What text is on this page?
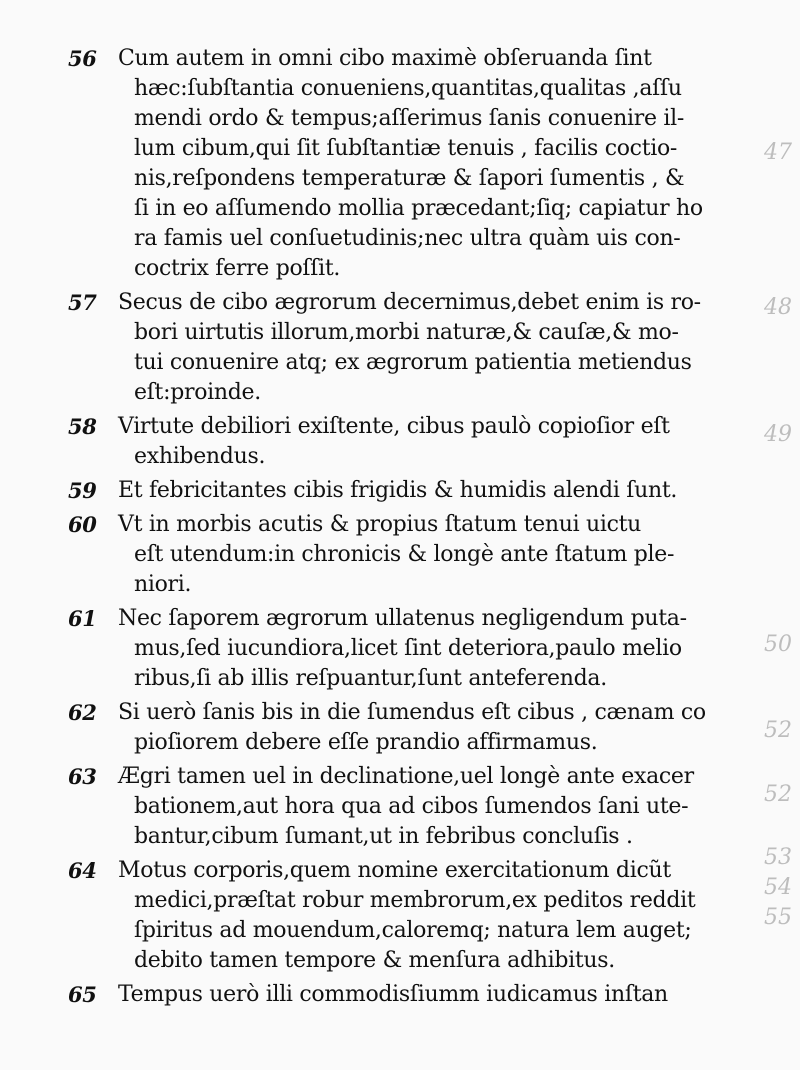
47
48
49
50
52
52
53
54
55
56 Cum autem in omni cibo maximè obſeruanda ſint
hæc:ſubſtantia conueniens,quantitas,qualitas ,aſſu
mendi ordo & tempus;aſſerimus ſanis conuenire il-
lum cibum,qui ſit ſubſtantiæ tenuis , facilis coctio-
nis,reſpondens temperaturæ & ſapori ſumentis , &
ſi in eo aſſumendo mollia præcedant;ſiq; capiatur ho
ra famis uel conſuetudinis;nec ultra quàm uis con-
coctrix ferre poſſit.
57 Secus de cibo ægrorum decernimus,debet enim is ro-
bori uirtutis illorum,morbi naturæ,& cauſæ,& mo-
tui conuenire atq; ex ægrorum patientia metiendus
eſt:proinde.
58 Virtute debiliori exiſtente, cibus paulò copioſior eſt
exhibendus.
59 Et febricitantes cibis frigidis & humidis alendi ſunt.
60 Vt in morbis acutis & propius ſtatum tenui uictu
eſt utendum:in chronicis & longè ante ſtatum ple-
niori.
61 Nec ſaporem ægrorum ullatenus negligendum puta-
mus,ſed iucundiora,licet ſint deteriora,paulo melio
ribus,ſi ab illis reſpuantur,ſunt anteferenda.
62 Si uerò ſanis bis in die ſumendus eſt cibus , cænam co
pioſiorem debere eſſe prandio affirmamus.
63 Ægri tamen uel in declinatione,uel longè ante exacer
bationem,aut hora qua ad cibos ſumendos ſani ute-
bantur,cibum ſumant,ut in febribus concluſis .
64 Motus corporis,quem nomine exercitationum dicũt
medici,præſtat robur membrorum,ex peditos reddit
ſpiritus ad mouendum,caloremq; natura lem auget;
debito tamen tempore & menſura adhibitus.
65 Tempus uerò illi commodisſiumm iudicamus inſtan
